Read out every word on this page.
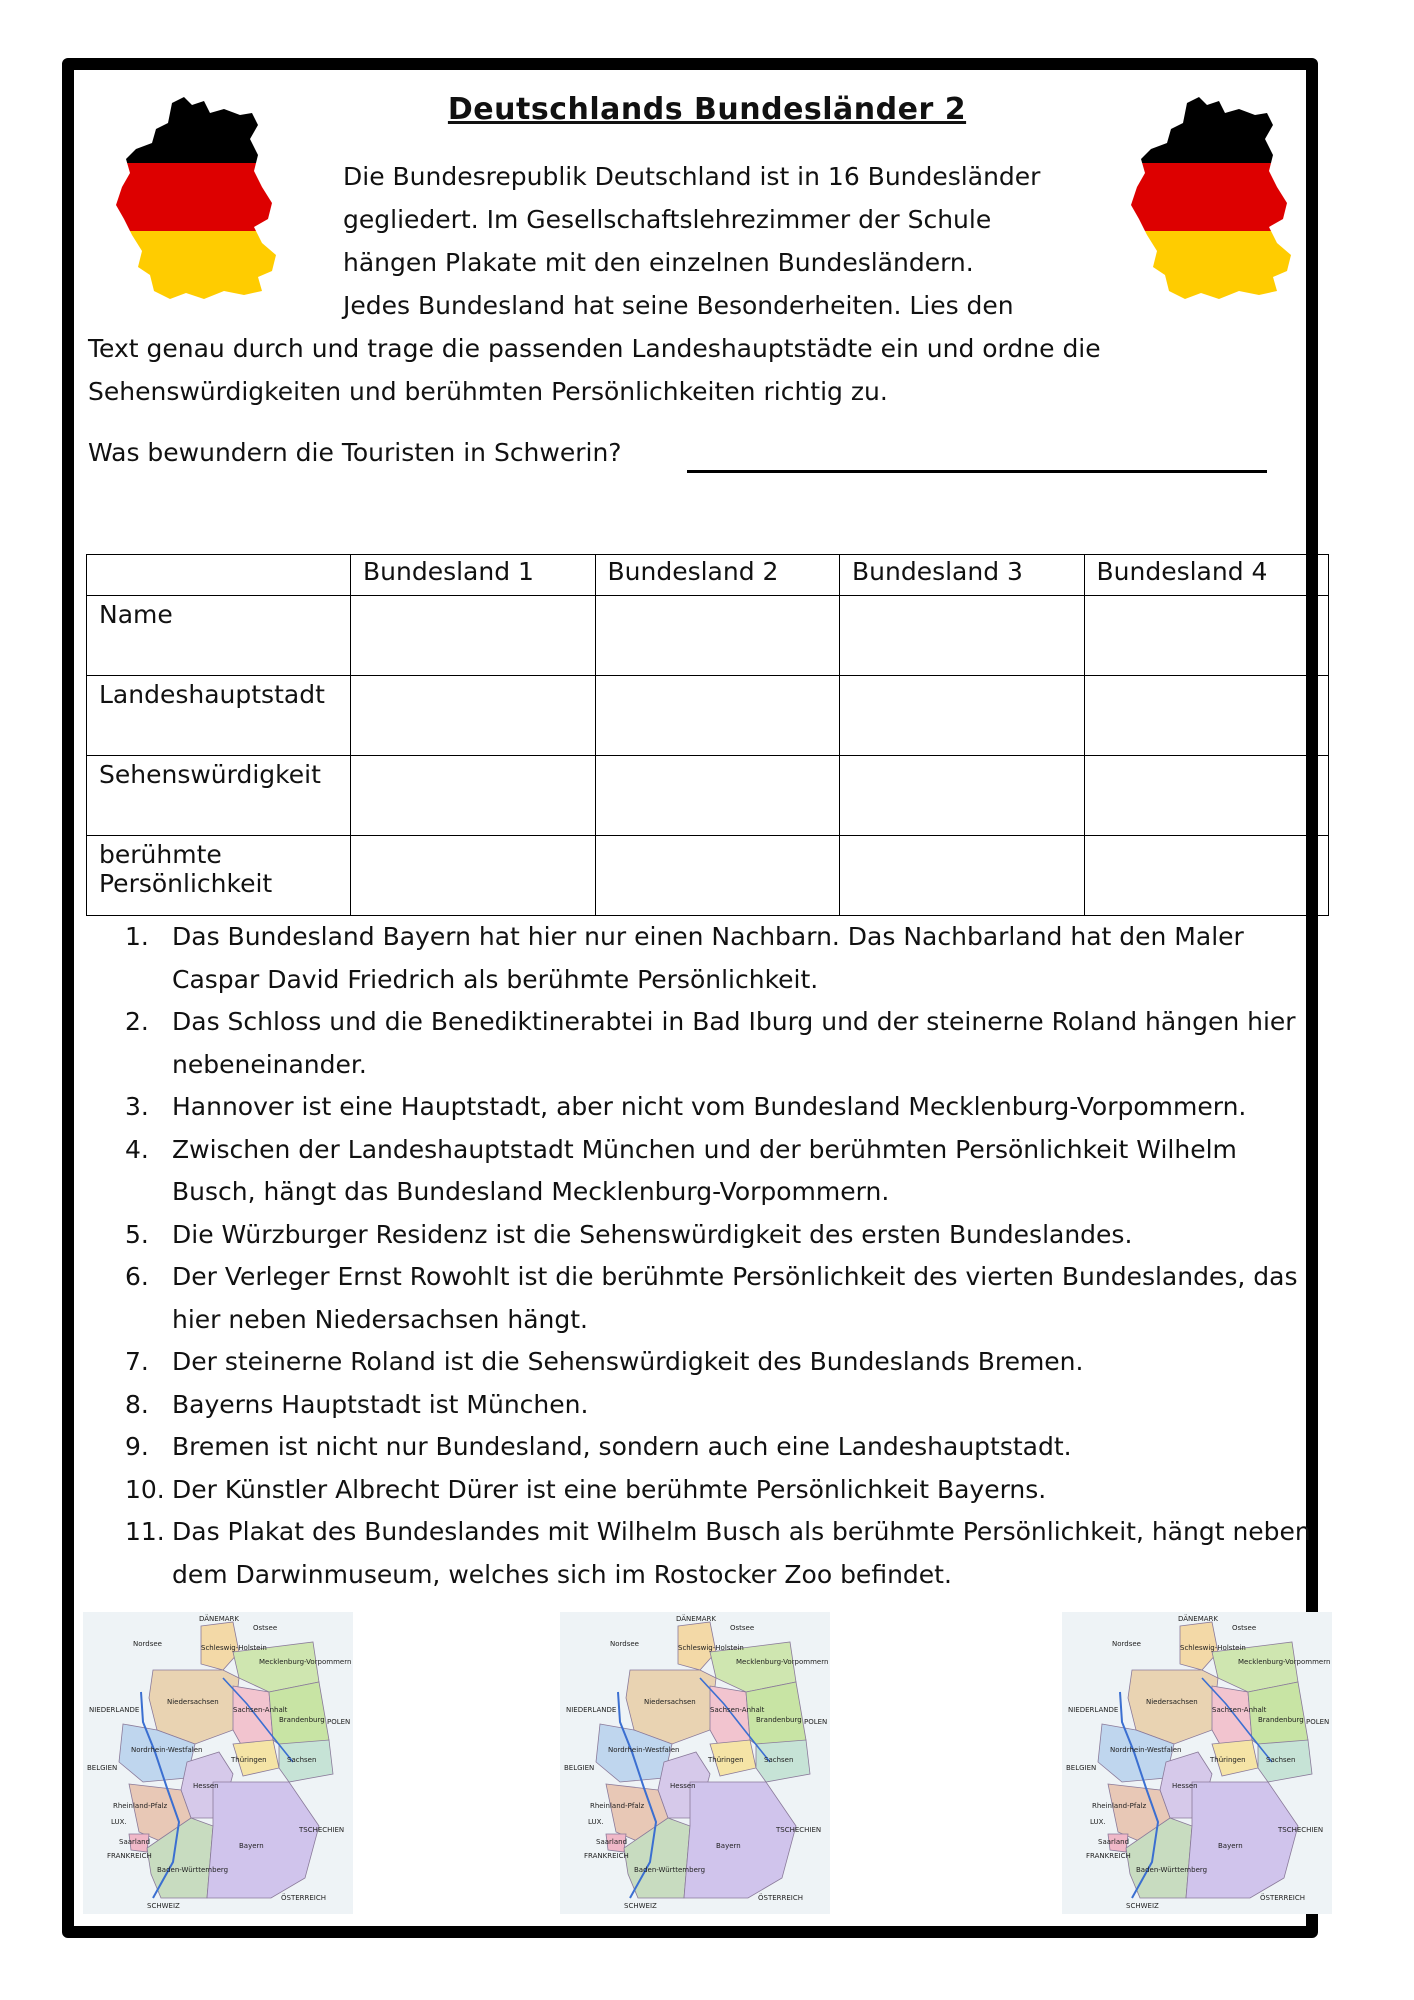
Deutschlands Bundesländer 2
Die Bundesrepublik Deutschland ist in 16 Bundesländer
gegliedert. Im Gesellschaftslehrezimmer der Schule
hängen Plakate mit den einzelnen Bundesländern.
Jedes Bundesland hat seine Besonderheiten. Lies den
Text genau durch und trage die passenden Landeshauptstädte ein und ordne die
Sehenswürdigkeiten und berühmten Persönlichkeiten richtig zu.
Was bewundern die Touristen in Schwerin?
	Bundesland 1	Bundesland 2	Bundesland 3	Bundesland 4
Name				
Landeshauptstadt				
Sehenswürdigkeit				
berühmte Persönlichkeit				
1. Das Bundesland Bayern hat hier nur einen Nachbarn. Das Nachbarland hat den Maler Caspar David Friedrich als berühmte Persönlichkeit.
2. Das Schloss und die Benediktinerabtei in Bad Iburg und der steinerne Roland hängen hier nebeneinander.
3. Hannover ist eine Hauptstadt, aber nicht vom Bundesland Mecklenburg-Vorpommern.
4. Zwischen der Landeshauptstadt München und der berühmten Persönlichkeit Wilhelm Busch, hängt das Bundesland Mecklenburg-Vorpommern.
5. Die Würzburger Residenz ist die Sehenswürdigkeit des ersten Bundeslandes.
6. Der Verleger Ernst Rowohlt ist die berühmte Persönlichkeit des vierten Bundeslandes, das hier neben Niedersachsen hängt.
7. Der steinerne Roland ist die Sehenswürdigkeit des Bundeslands Bremen.
8. Bayerns Hauptstadt ist München.
9. Bremen ist nicht nur Bundesland, sondern auch eine Landeshauptstadt.
10. Der Künstler Albrecht Dürer ist eine berühmte Persönlichkeit Bayerns.
11. Das Plakat des Bundeslandes mit Wilhelm Busch als berühmte Persönlichkeit, hängt neben dem Darwinmuseum, welches sich im Rostocker Zoo befindet.
DÄNEMARK
Ostsee
Nordsee	Schleswig-Holstein
Mecklenburg-Vorpommern
Niedersachsen
Sachsen-Anhalt
Brandenburg
NIEDERLANDE
POLEN
Nordrhein-Westfalen
Sachsen
Thüringen
BELGIEN
Hessen
Rheinland-Pfalz
LUX.
Saarland
TSCHECHIEN
FRANKREICH
Bayern
Baden-Württemberg
SCHWEIZ
ÖSTERREICH
DÄNEMARK
Ostsee
Nordsee	Schleswig-Holstein
Mecklenburg-Vorpommern
Niedersachsen
Sachsen-Anhalt
Brandenburg
NIEDERLANDE
POLEN
Nordrhein-Westfalen
Sachsen
Thüringen
BELGIEN
Hessen
Rheinland-Pfalz
LUX.
Saarland
TSCHECHIEN
FRANKREICH
Bayern
Baden-Württemberg
SCHWEIZ
ÖSTERREICH
DÄNEMARK
Ostsee
Nordsee	Schleswig-Holstein
Mecklenburg-Vorpommern
Niedersachsen
Sachsen-Anhalt
Brandenburg
NIEDERLANDE
POLEN
Nordrhein-Westfalen
Sachsen
Thüringen
BELGIEN
Hessen
Rheinland-Pfalz
LUX.
Saarland
TSCHECHIEN
FRANKREICH
Bayern
Baden-Württemberg
SCHWEIZ
ÖSTERREICH
